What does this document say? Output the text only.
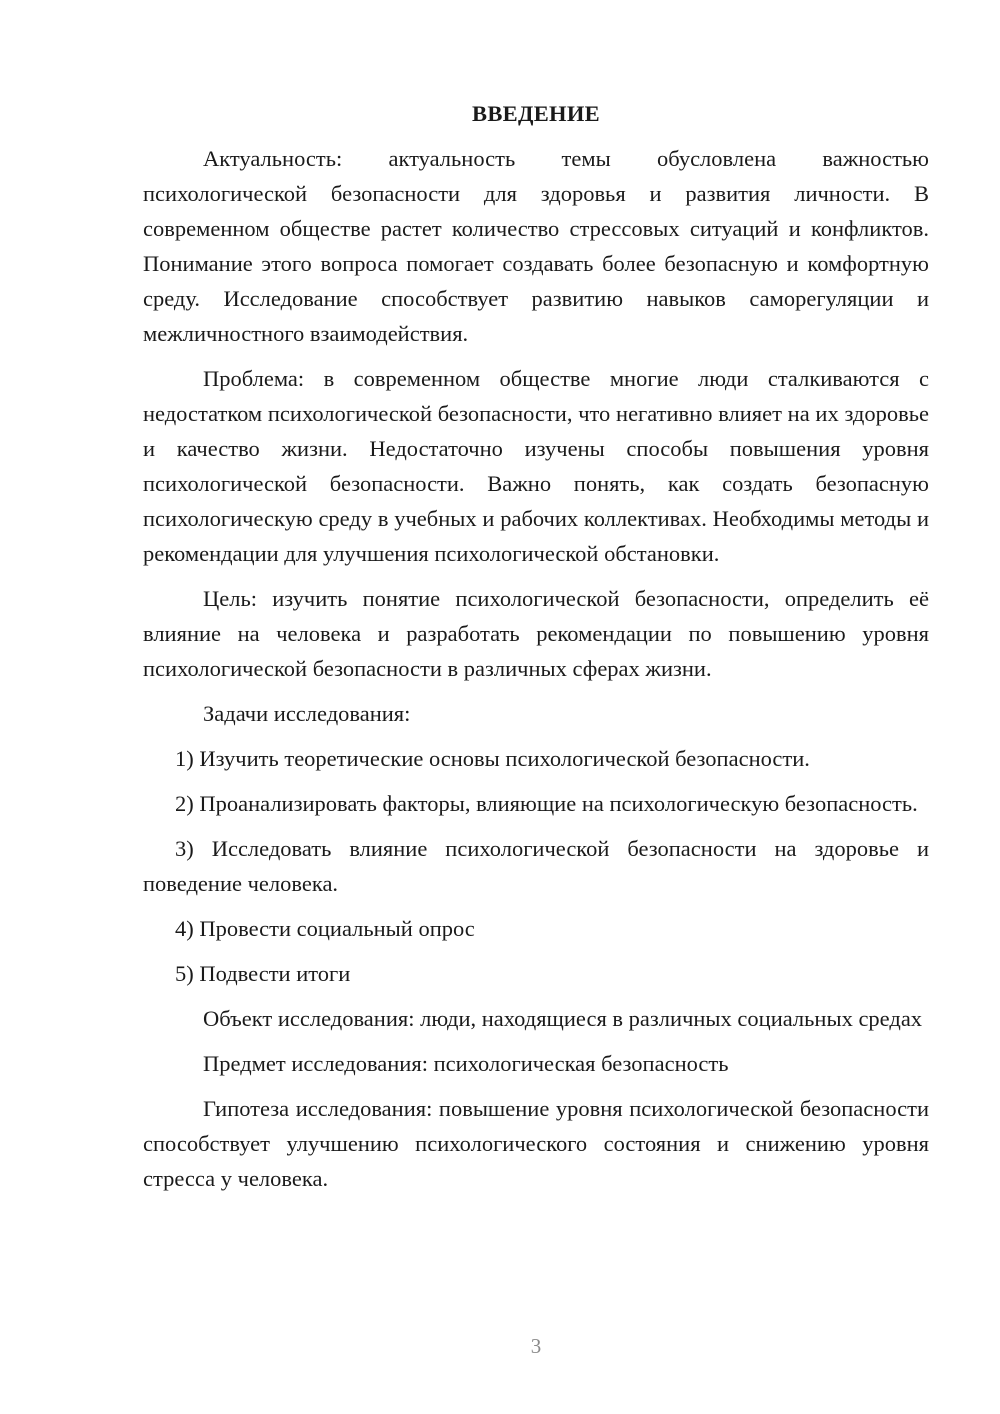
ВВЕДЕНИЕ

Актуальность: актуальность темы обусловлена важностью психологической безопасности для здоровья и развития личности. В современном обществе растет количество стрессовых ситуаций и конфликтов. Понимание этого вопроса помогает создавать более безопасную и комфортную среду. Исследование способствует развитию навыков саморегуляции и межличностного взаимодействия.

Проблема: в современном обществе многие люди сталкиваются с недостатком психологической безопасности, что негативно влияет на их здоровье и качество жизни. Недостаточно изучены способы повышения уровня психологической безопасности. Важно понять, как создать безопасную психологическую среду в учебных и рабочих коллективах. Необходимы методы и рекомендации для улучшения психологической обстановки.

Цель: изучить понятие психологической безопасности, определить её влияние на человека и разработать рекомендации по повышению уровня психологической безопасности в различных сферах жизни.

Задачи исследования:

1) Изучить теоретические основы психологической безопасности.

2) Проанализировать факторы, влияющие на психологическую безопасность.

3) Исследовать влияние психологической безопасности на здоровье и поведение человека.

4) Провести социальный опрос

5) Подвести итоги

Объект исследования: люди, находящиеся в различных социальных средах

Предмет исследования: психологическая безопасность

Гипотеза исследования: повышение уровня психологической безопасности способствует улучшению психологического состояния и снижению уровня стресса у человека.

3
